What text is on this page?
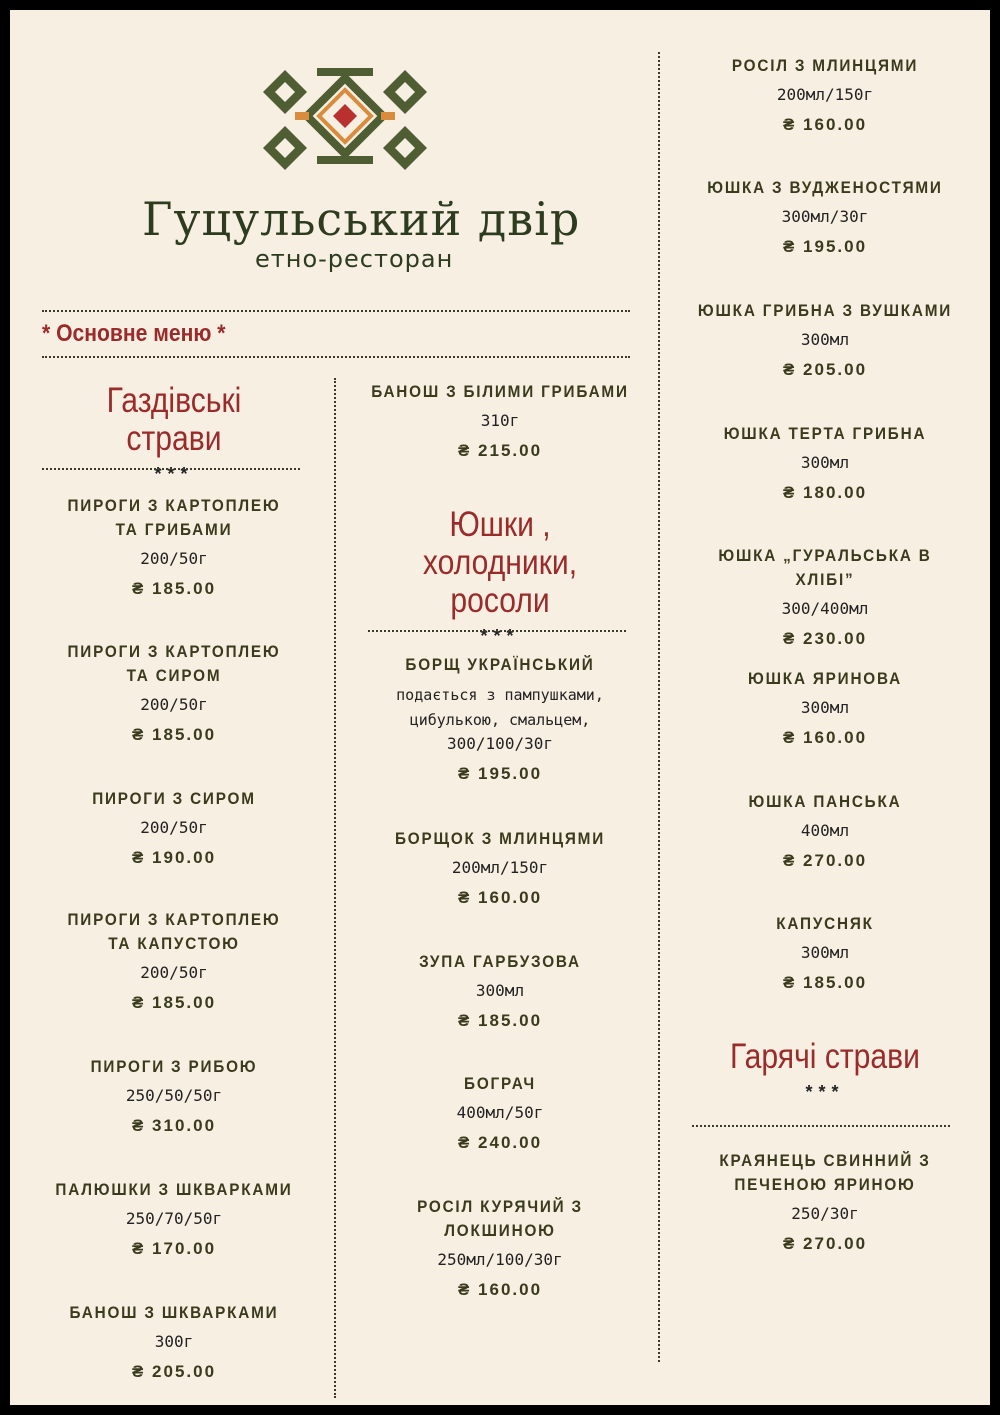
Гуцульський двір
етно-ресторан
* Основне меню *
Газдівські страви
***
ПИРОГИ З КАРТОПЛЕЮ ТА ГРИБАМИ
200/50г
₴ 185.00
ПИРОГИ З КАРТОПЛЕЮ ТА СИРОМ
200/50г
₴ 185.00
ПИРОГИ З СИРОМ
200/50г
₴ 190.00
ПИРОГИ З КАРТОПЛЕЮ ТА КАПУСТОЮ
200/50г
₴ 185.00
ПИРОГИ З РИБОЮ
250/50/50г
₴ 310.00
ПАЛЮШКИ З ШКВАРКАМИ
250/70/50г
₴ 170.00
БАНОШ З ШКВАРКАМИ
300г
₴ 205.00
БАНОШ З БІЛИМИ ГРИБАМИ
310г
₴ 215.00
Юшки , холодники,
росоли
***
БОРЩ УКРАЇНСЬКИЙ
подається з пампушками,
цибулькою, смальцем,
300/100/30г
₴ 195.00
БОРЩОК З МЛИНЦЯМИ
200мл/150г
₴ 160.00
ЗУПА ГАРБУЗОВА
300мл
₴ 185.00
БОГРАЧ
400мл/50г
₴ 240.00
РОСІЛ КУРЯЧИЙ З ЛОКШИНОЮ
250мл/100/30г
₴ 160.00
РОСІЛ З МЛИНЦЯМИ
200мл/150г
₴ 160.00
ЮШКА З ВУДЖЕНОСТЯМИ
300мл/30г
₴ 195.00
ЮШКА ГРИБНА З ВУШКАМИ
300мл
₴ 205.00
ЮШКА ТЕРТА ГРИБНА
300мл
₴ 180.00
ЮШКА „ГУРАЛЬСЬКА В ХЛІБІ”
300/400мл
₴ 230.00
ЮШКА ЯРИНОВА
300мл
₴ 160.00
ЮШКА ПАНСЬКА
400мл
₴ 270.00
КАПУСНЯК
300мл
₴ 185.00
Гарячі страви
***
КРАЯНЕЦЬ СВИННИЙ З ПЕЧЕНОЮ ЯРИНОЮ
250/30г
₴ 270.00
